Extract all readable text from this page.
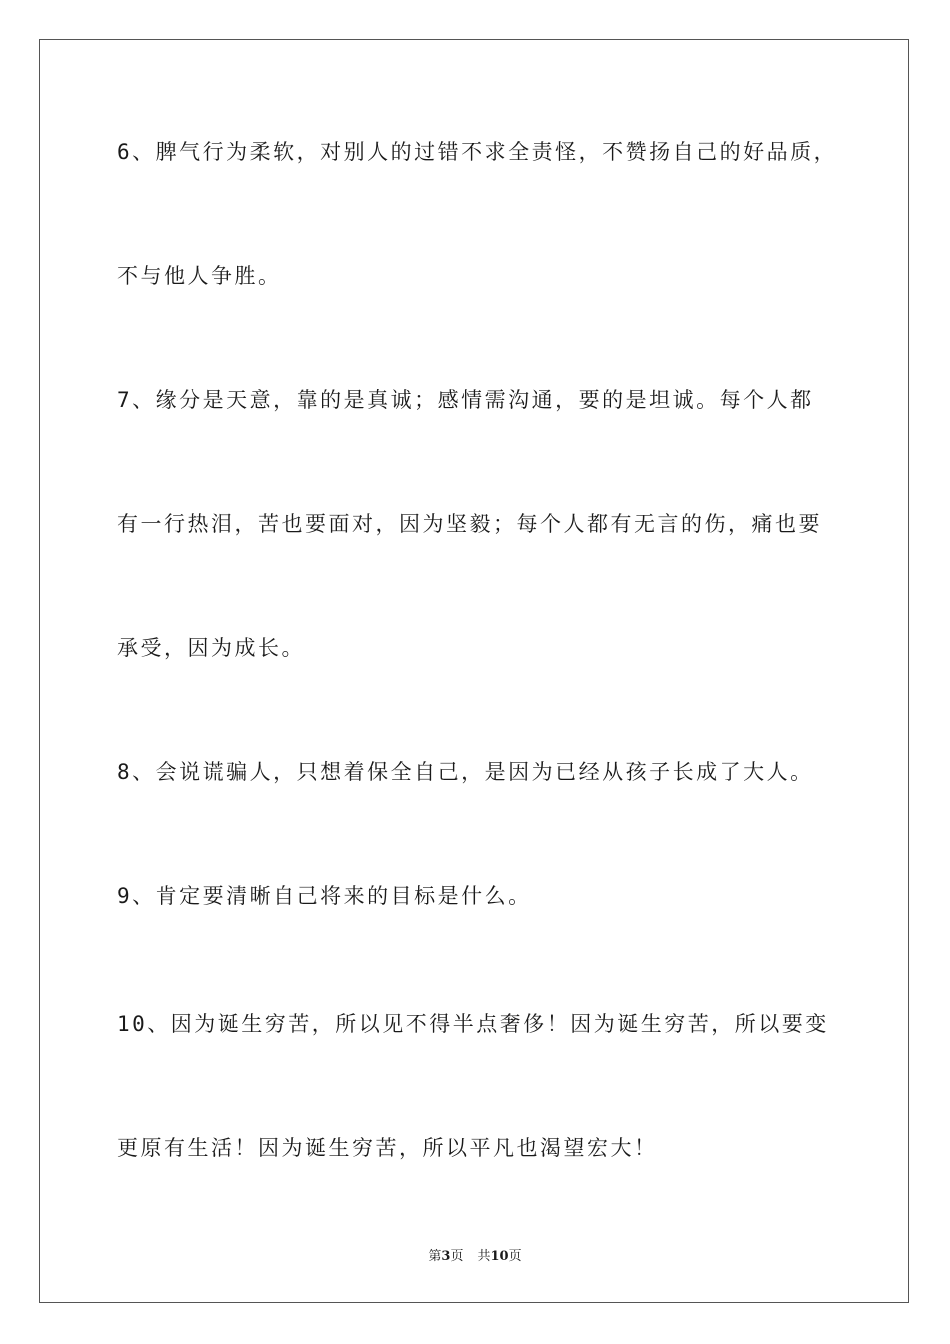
6、脾气行为柔软，对别人的过错不求全责怪，不赞扬自己的好品质，
不与他人争胜。
7、缘分是天意，靠的是真诚；感情需沟通，要的是坦诚。每个人都
有一行热泪，苦也要面对，因为坚毅；每个人都有无言的伤，痛也要
承受，因为成长。
8、会说谎骗人，只想着保全自己，是因为已经从孩子长成了大人。
9、肯定要清晰自己将来的目标是什么。
10、因为诞生穷苦，所以见不得半点奢侈！因为诞生穷苦，所以要变
更原有生活！因为诞生穷苦，所以平凡也渴望宏大！
第3页 共10页
